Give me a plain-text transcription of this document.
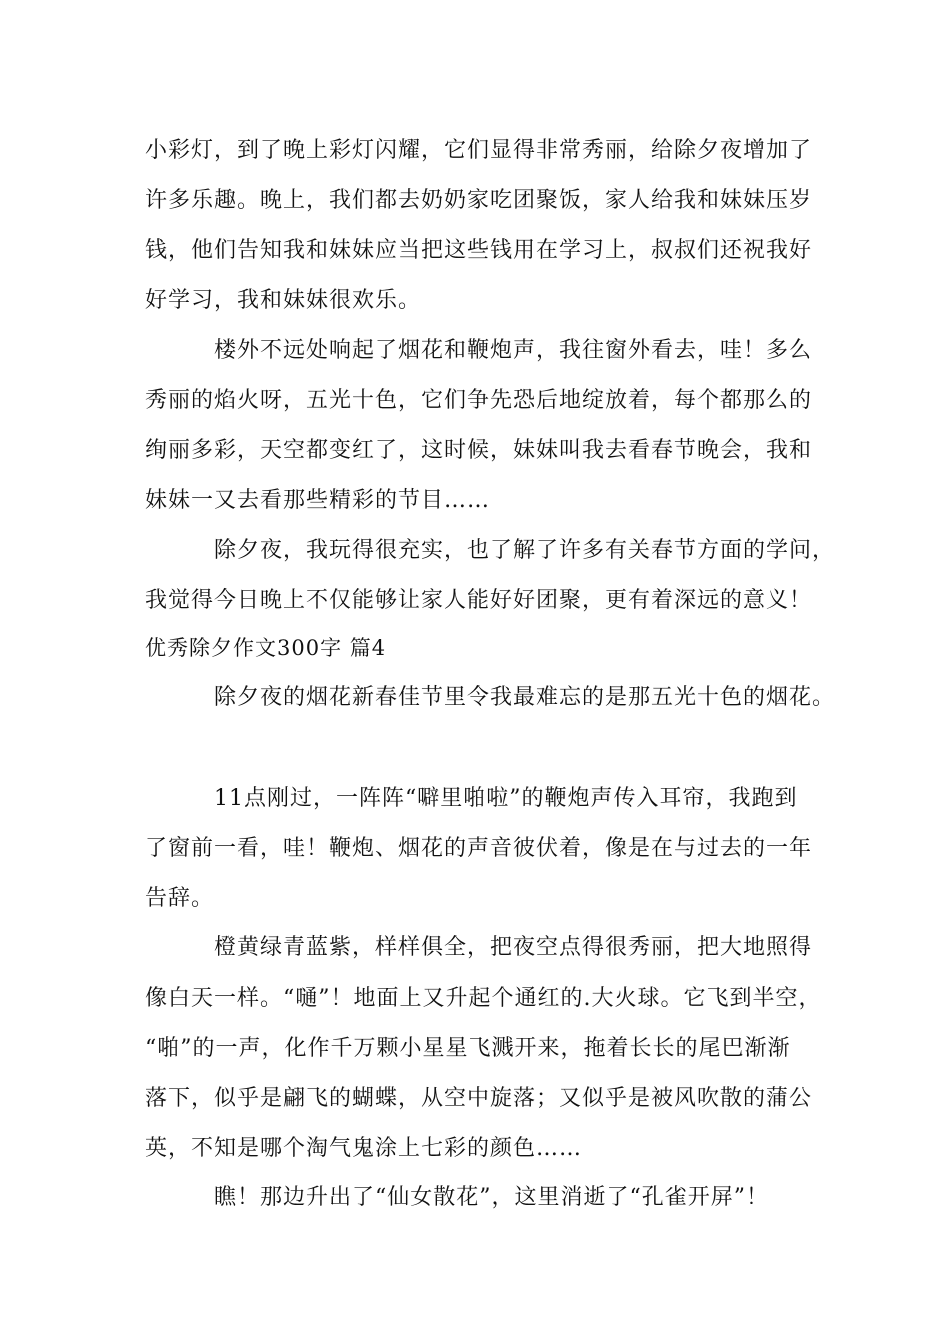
小彩灯，到了晚上彩灯闪耀，它们显得非常秀丽，给除夕夜增加了
许多乐趣。晚上，我们都去奶奶家吃团聚饭，家人给我和妹妹压岁
钱，他们告知我和妹妹应当把这些钱用在学习上，叔叔们还祝我好
好学习，我和妹妹很欢乐。
楼外不远处响起了烟花和鞭炮声，我往窗外看去，哇！多么
秀丽的焰火呀，五光十色，它们争先恐后地绽放着，每个都那么的
绚丽多彩，天空都变红了，这时候，妹妹叫我去看春节晚会，我和
妹妹一又去看那些精彩的节目……
除夕夜，我玩得很充实，也了解了许多有关春节方面的学问，
我觉得今日晚上不仅能够让家人能好好团聚，更有着深远的意义！
优秀除夕作文300字 篇4
除夕夜的烟花新春佳节里令我最难忘的是那五光十色的烟花。
11点刚过，一阵阵“噼里啪啦”的鞭炮声传入耳帘，我跑到
了窗前一看，哇！鞭炮、烟花的声音彼伏着，像是在与过去的一年
告辞。
橙黄绿青蓝紫，样样俱全，把夜空点得很秀丽，把大地照得
像白天一样。“嗵”！地面上又升起个通红的.大火球。它飞到半空，
“啪”的一声，化作千万颗小星星飞溅开来，拖着长长的尾巴渐渐
落下，似乎是翩飞的蝴蝶，从空中旋落；又似乎是被风吹散的蒲公
英，不知是哪个淘气鬼涂上七彩的颜色……
瞧！那边升出了“仙女散花”，这里消逝了“孔雀开屏”！
